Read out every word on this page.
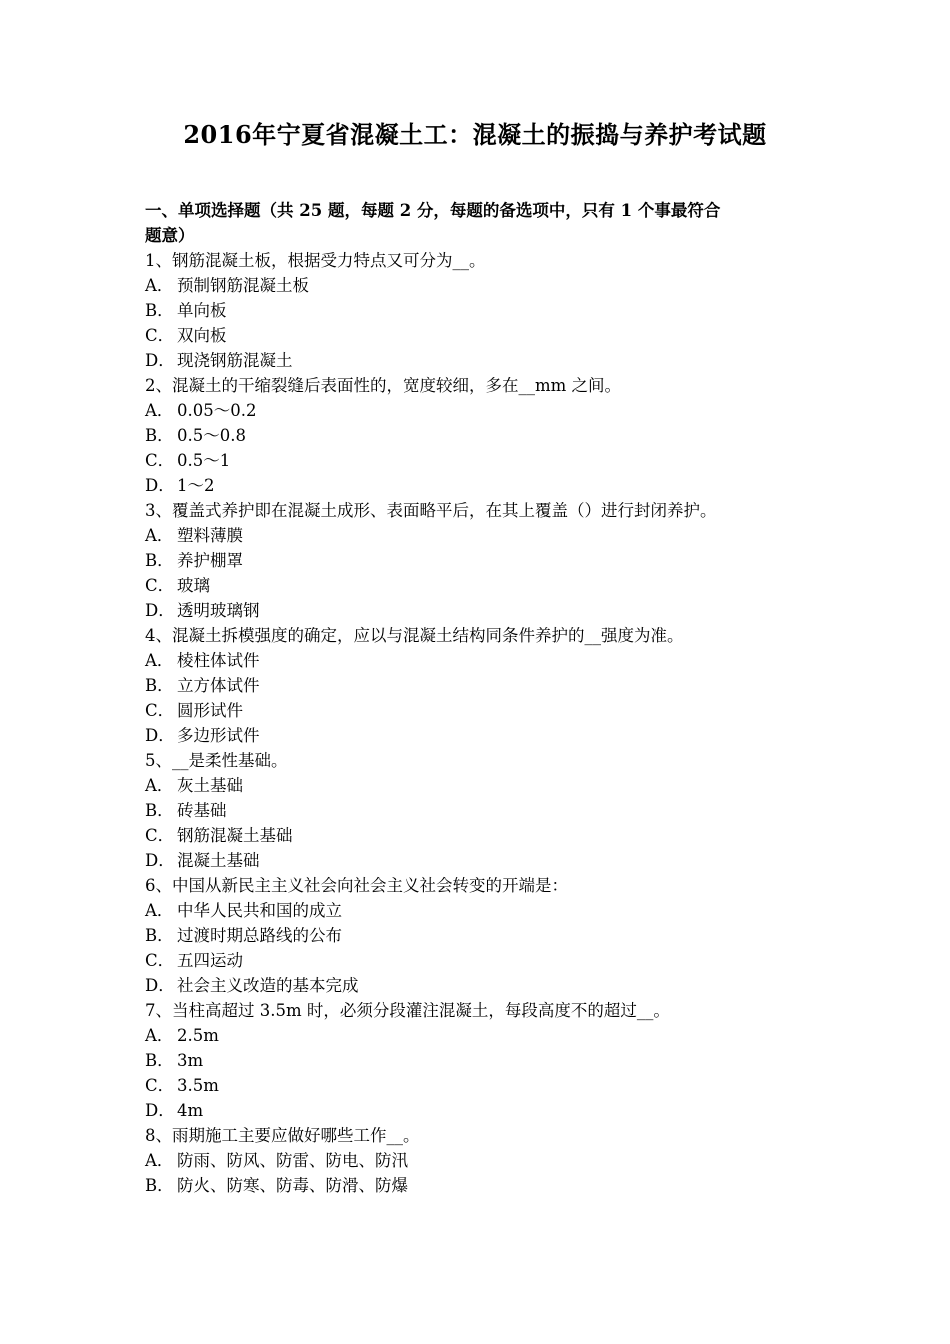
2016年宁夏省混凝土工：混凝土的振捣与养护考试题
一、单项选择题（共 25 题，每题 2 分，每题的备选项中，只有 1 个事最符合
题意）
1、钢筋混凝土板，根据受力特点又可分为__。
A． 预制钢筋混凝土板
B． 单向板
C． 双向板
D． 现浇钢筋混凝土
2、混凝土的干缩裂缝后表面性的，宽度较细，多在__mm 之间。
A． 0.05～0.2
B． 0.5～0.8
C． 0.5～1
D． 1～2
3、覆盖式养护即在混凝土成形、表面略平后，在其上覆盖（）进行封闭养护。
A． 塑料薄膜
B． 养护棚罩
C． 玻璃
D． 透明玻璃钢
4、混凝土拆模强度的确定，应以与混凝土结构同条件养护的__强度为准。
A． 棱柱体试件
B． 立方体试件
C． 圆形试件
D． 多边形试件
5、__是柔性基础。
A． 灰土基础
B． 砖基础
C． 钢筋混凝土基础
D． 混凝土基础
6、中国从新民主主义社会向社会主义社会转变的开端是：
A． 中华人民共和国的成立
B． 过渡时期总路线的公布
C． 五四运动
D． 社会主义改造的基本完成
7、当柱高超过 3.5m 时，必须分段灌注混凝土，每段高度不的超过__。
A． 2.5m
B． 3m
C． 3.5m
D． 4m
8、雨期施工主要应做好哪些工作__。
A． 防雨、防风、防雷、防电、防汛
B． 防火、防寒、防毒、防滑、防爆
